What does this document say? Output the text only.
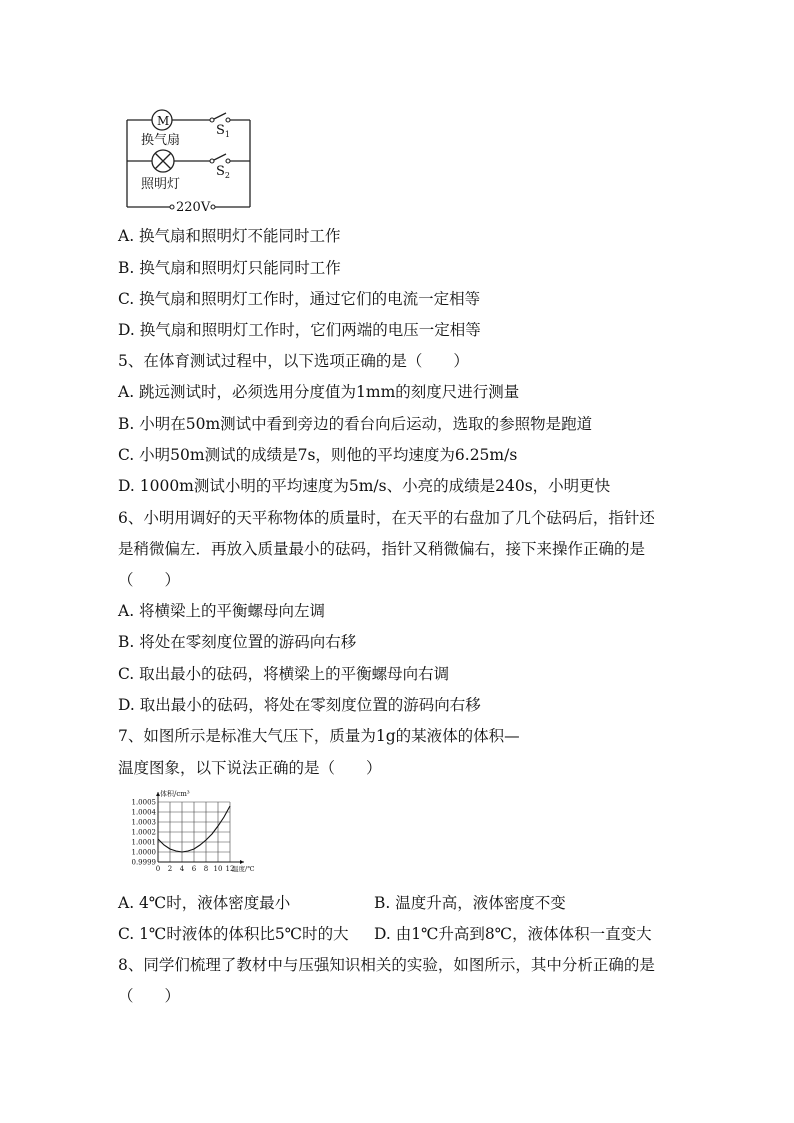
M
换气扇
照明灯
$S_1$
$S_2$
220V
A. 换气扇和照明灯不能同时工作
B. 换气扇和照明灯只能同时工作
C. 换气扇和照明灯工作时，通过它们的电流一定相等
D. 换气扇和照明灯工作时，它们两端的电压一定相等
5、在体育测试过程中，以下选项正确的是（　　）
A. 跳远测试时，必须选用分度值为1mm的刻度尺进行测量
B. 小明在50m测试中看到旁边的看台向后运动，选取的参照物是跑道
C. 小明50m测试的成绩是7s，则他的平均速度为6.25m/s
D. 1000m测试小明的平均速度为5m/s、小亮的成绩是240s，小明更快
6、小明用调好的天平称物体的质量时，在天平的右盘加了几个砝码后，指针还
是稍微偏左．再放入质量最小的砝码，指针又稍微偏右，接下来操作正确的是
（　　）
A. 将横梁上的平衡螺母向左调
B. 将处在零刻度位置的游码向右移
C. 取出最小的砝码，将横梁上的平衡螺母向右调
D. 取出最小的砝码，将处在零刻度位置的游码向右移
7、如图所示是标准大气压下，质量为1g的某液体的体积—
温度图象，以下说法正确的是（　　）
0.9999
1.0000
1.0001
1.0002
1.0003
1.0004
1.0005
0 2 4 6 8 10 12
体积/cm³
温度/℃
A. 4℃时，液体密度最小	B. 温度升高，液体密度不变
C. 1℃时液体的体积比5℃时的大 D. 由1℃升高到8℃，液体体积一直变大
8、同学们梳理了教材中与压强知识相关的实验，如图所示，其中分析正确的是
（　　）
